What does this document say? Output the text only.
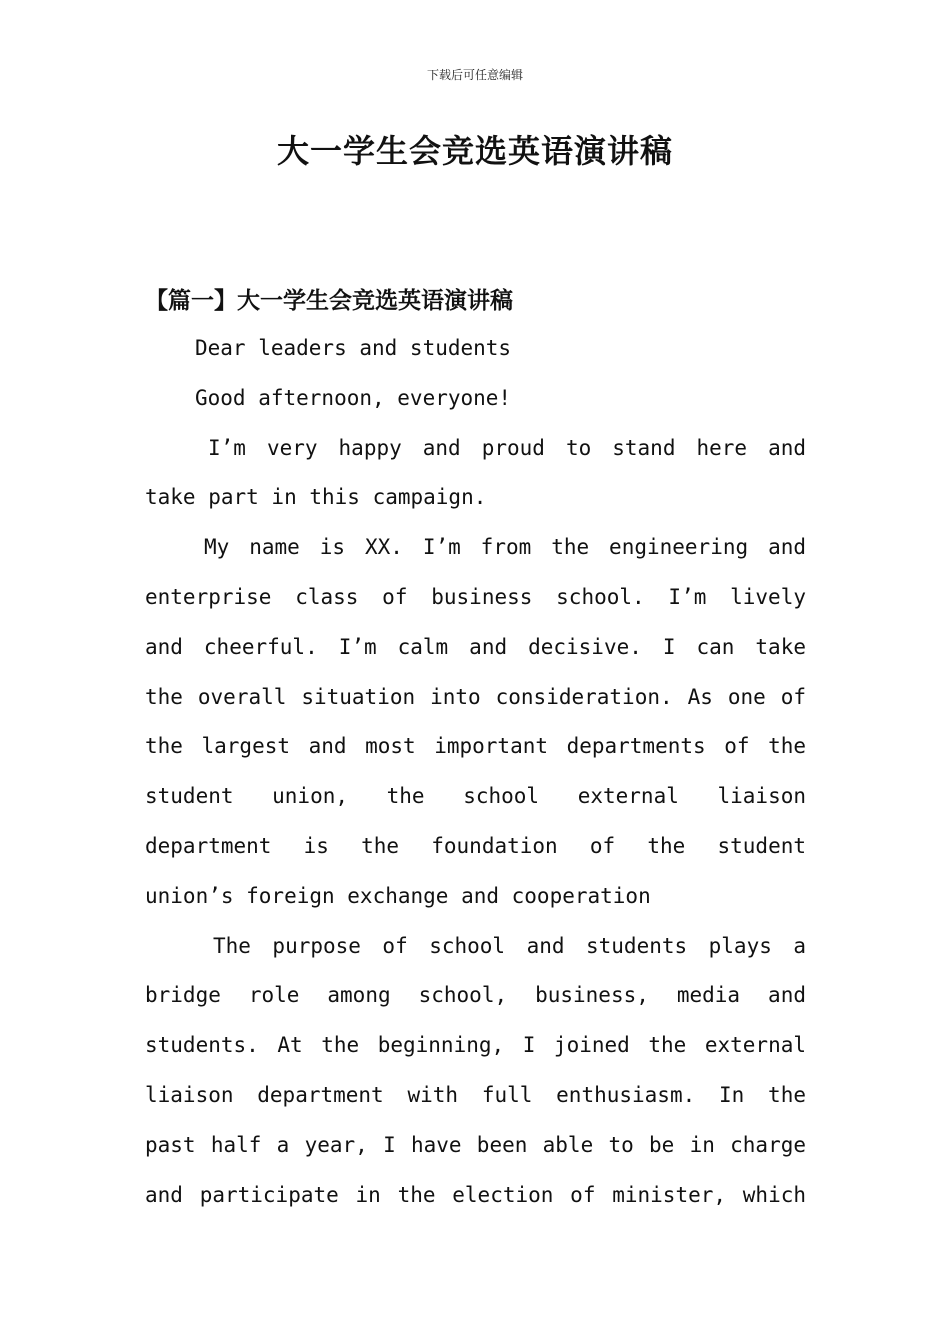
下载后可任意编辑
大一学生会竞选英语演讲稿
【篇一】大一学生会竞选英语演讲稿
Dear leaders and students
Good afternoon, everyone!
I’m very happy and proud to stand here and
take part in this campaign.
My name is XX. I’m from the engineering and
enterprise class of business school. I’m lively
and cheerful. I’m calm and decisive. I can take
the overall situation into consideration. As one of
the largest and most important departments of the
student union, the school external liaison
department is the foundation of the student
union’s foreign exchange and cooperation
The purpose of school and students plays a
bridge role among school, business, media and
students. At the beginning, I joined the external
liaison department with full enthusiasm. In the
past half a year, I have been able to be in charge
and participate in the election of minister, which
